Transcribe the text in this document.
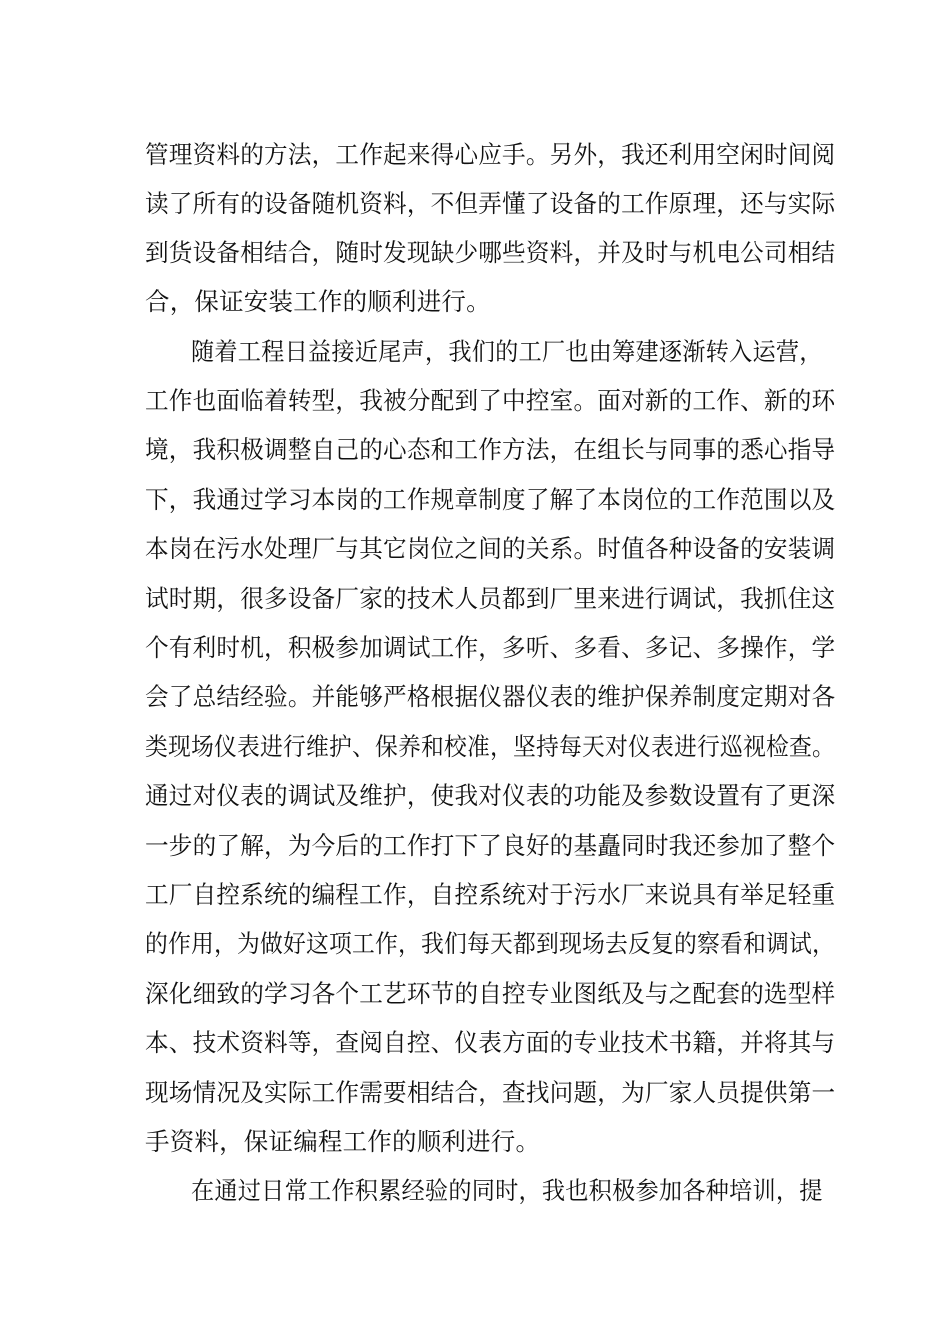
管理资料的方法，工作起来得心应手。另外，我还利用空闲时间阅
读了所有的设备随机资料，不但弄懂了设备的工作原理，还与实际
到货设备相结合，随时发现缺少哪些资料，并及时与机电公司相结
合，保证安装工作的顺利进行。
随着工程日益接近尾声，我们的工厂也由筹建逐渐转入运营，
工作也面临着转型，我被分配到了中控室。面对新的工作、新的环
境，我积极调整自己的心态和工作方法，在组长与同事的悉心指导
下，我通过学习本岗的工作规章制度了解了本岗位的工作范围以及
本岗在污水处理厂与其它岗位之间的关系。时值各种设备的安装调
试时期，很多设备厂家的技术人员都到厂里来进行调试，我抓住这
个有利时机，积极参加调试工作，多听、多看、多记、多操作，学
会了总结经验。并能够严格根据仪器仪表的维护保养制度定期对各
类现场仪表进行维护、保养和校准，坚持每天对仪表进行巡视检查。
通过对仪表的调试及维护，使我对仪表的功能及参数设置有了更深
一步的了解，为今后的工作打下了良好的基矗同时我还参加了整个
工厂自控系统的编程工作，自控系统对于污水厂来说具有举足轻重
的作用，为做好这项工作，我们每天都到现场去反复的察看和调试，
深化细致的学习各个工艺环节的自控专业图纸及与之配套的选型样
本、技术资料等，查阅自控、仪表方面的专业技术书籍，并将其与
现场情况及实际工作需要相结合，查找问题，为厂家人员提供第一
手资料，保证编程工作的顺利进行。
在通过日常工作积累经验的同时，我也积极参加各种培训，提
